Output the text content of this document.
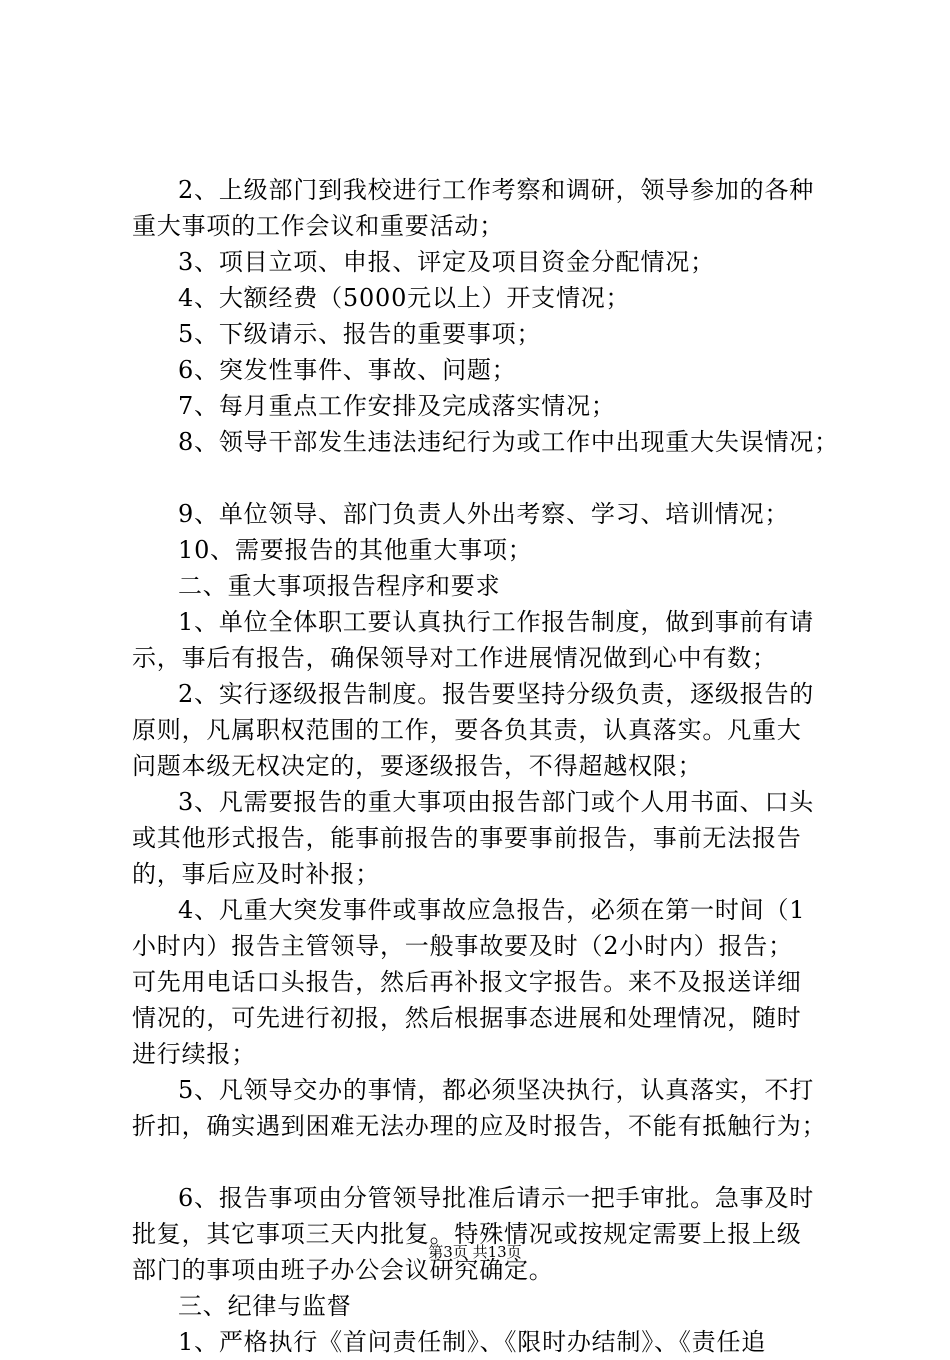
2、上级部门到我校进行工作考察和调研，领导参加的各种
重大事项的工作会议和重要活动；
3、项目立项、申报、评定及项目资金分配情况；
4、大额经费（5000元以上）开支情况；
5、下级请示、报告的重要事项；
6、突发性事件、事故、问题；
7、每月重点工作安排及完成落实情况；
8、领导干部发生违法违纪行为或工作中出现重大失误情况；
9、单位领导、部门负责人外出考察、学习、培训情况；
10、需要报告的其他重大事项；
二、重大事项报告程序和要求
1、单位全体职工要认真执行工作报告制度，做到事前有请
示，事后有报告，确保领导对工作进展情况做到心中有数；
2、实行逐级报告制度。报告要坚持分级负责，逐级报告的
原则，凡属职权范围的工作，要各负其责，认真落实。凡重大
问题本级无权决定的，要逐级报告，不得超越权限；
3、凡需要报告的重大事项由报告部门或个人用书面、口头
或其他形式报告，能事前报告的事要事前报告，事前无法报告
的，事后应及时补报；
4、凡重大突发事件或事故应急报告，必须在第一时间（1
小时内）报告主管领导，一般事故要及时（2小时内）报告；
可先用电话口头报告，然后再补报文字报告。来不及报送详细
情况的，可先进行初报，然后根据事态进展和处理情况，随时
进行续报；
5、凡领导交办的事情，都必须坚决执行，认真落实，不打
折扣，确实遇到困难无法办理的应及时报告，不能有抵触行为；
6、报告事项由分管领导批准后请示一把手审批。急事及时
批复，其它事项三天内批复。特殊情况或按规定需要上报上级
部门的事项由班子办公会议研究确定。
三、纪律与监督
1、严格执行《首问责任制》、《限时办结制》、《责任追
第3页 共13页
